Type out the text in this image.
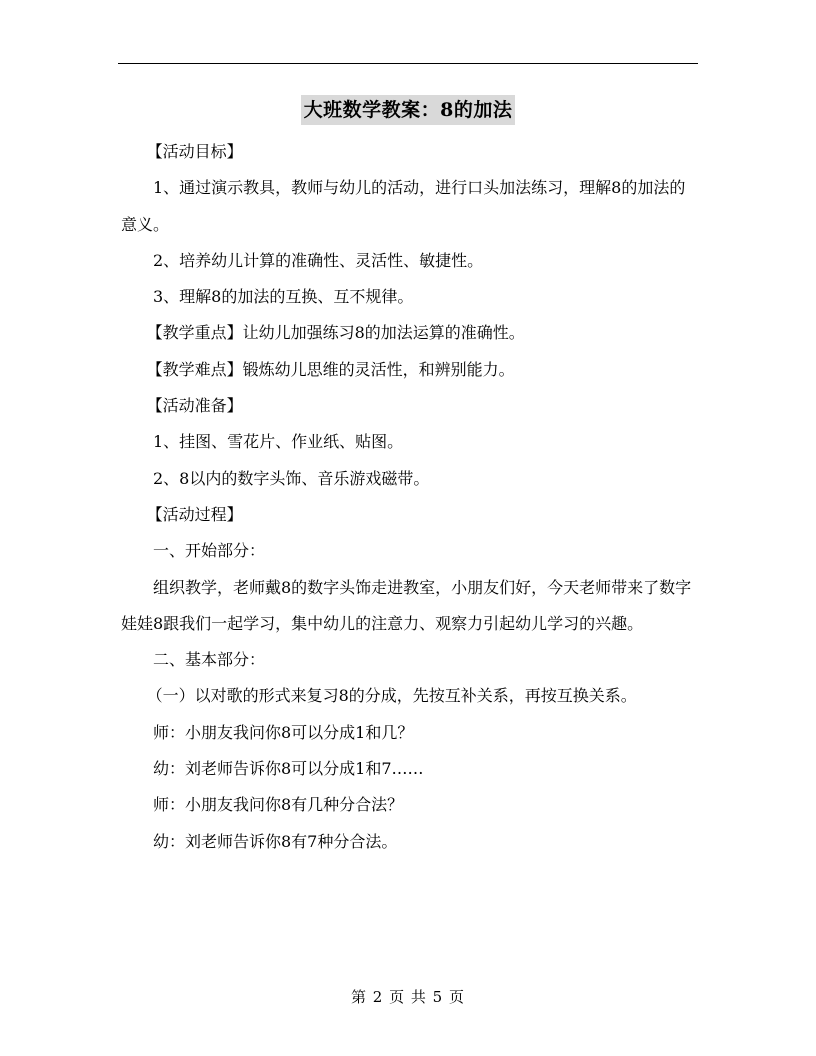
大班数学教案：8的加法

【活动目标】

1、通过演示教具，教师与幼儿的活动，进行口头加法练习，理解8的加法的意义。

2、培养幼儿计算的准确性、灵活性、敏捷性。

3、理解8的加法的互换、互不规律。

【教学重点】让幼儿加强练习8的加法运算的准确性。

【教学难点】锻炼幼儿思维的灵活性，和辨别能力。

【活动准备】

1、挂图、雪花片、作业纸、贴图。

2、8以内的数字头饰、音乐游戏磁带。

【活动过程】

一、开始部分：

组织教学，老师戴8的数字头饰走进教室，小朋友们好，今天老师带来了数字娃娃8跟我们一起学习，集中幼儿的注意力、观察力引起幼儿学习的兴趣。

二、基本部分：

（一）以对歌的形式来复习8的分成，先按互补关系，再按互换关系。

师：小朋友我问你8可以分成1和几？

幼：刘老师告诉你8可以分成1和7……

师：小朋友我问你8有几种分合法？

幼：刘老师告诉你8有7种分合法。

第 2 页 共 5 页
